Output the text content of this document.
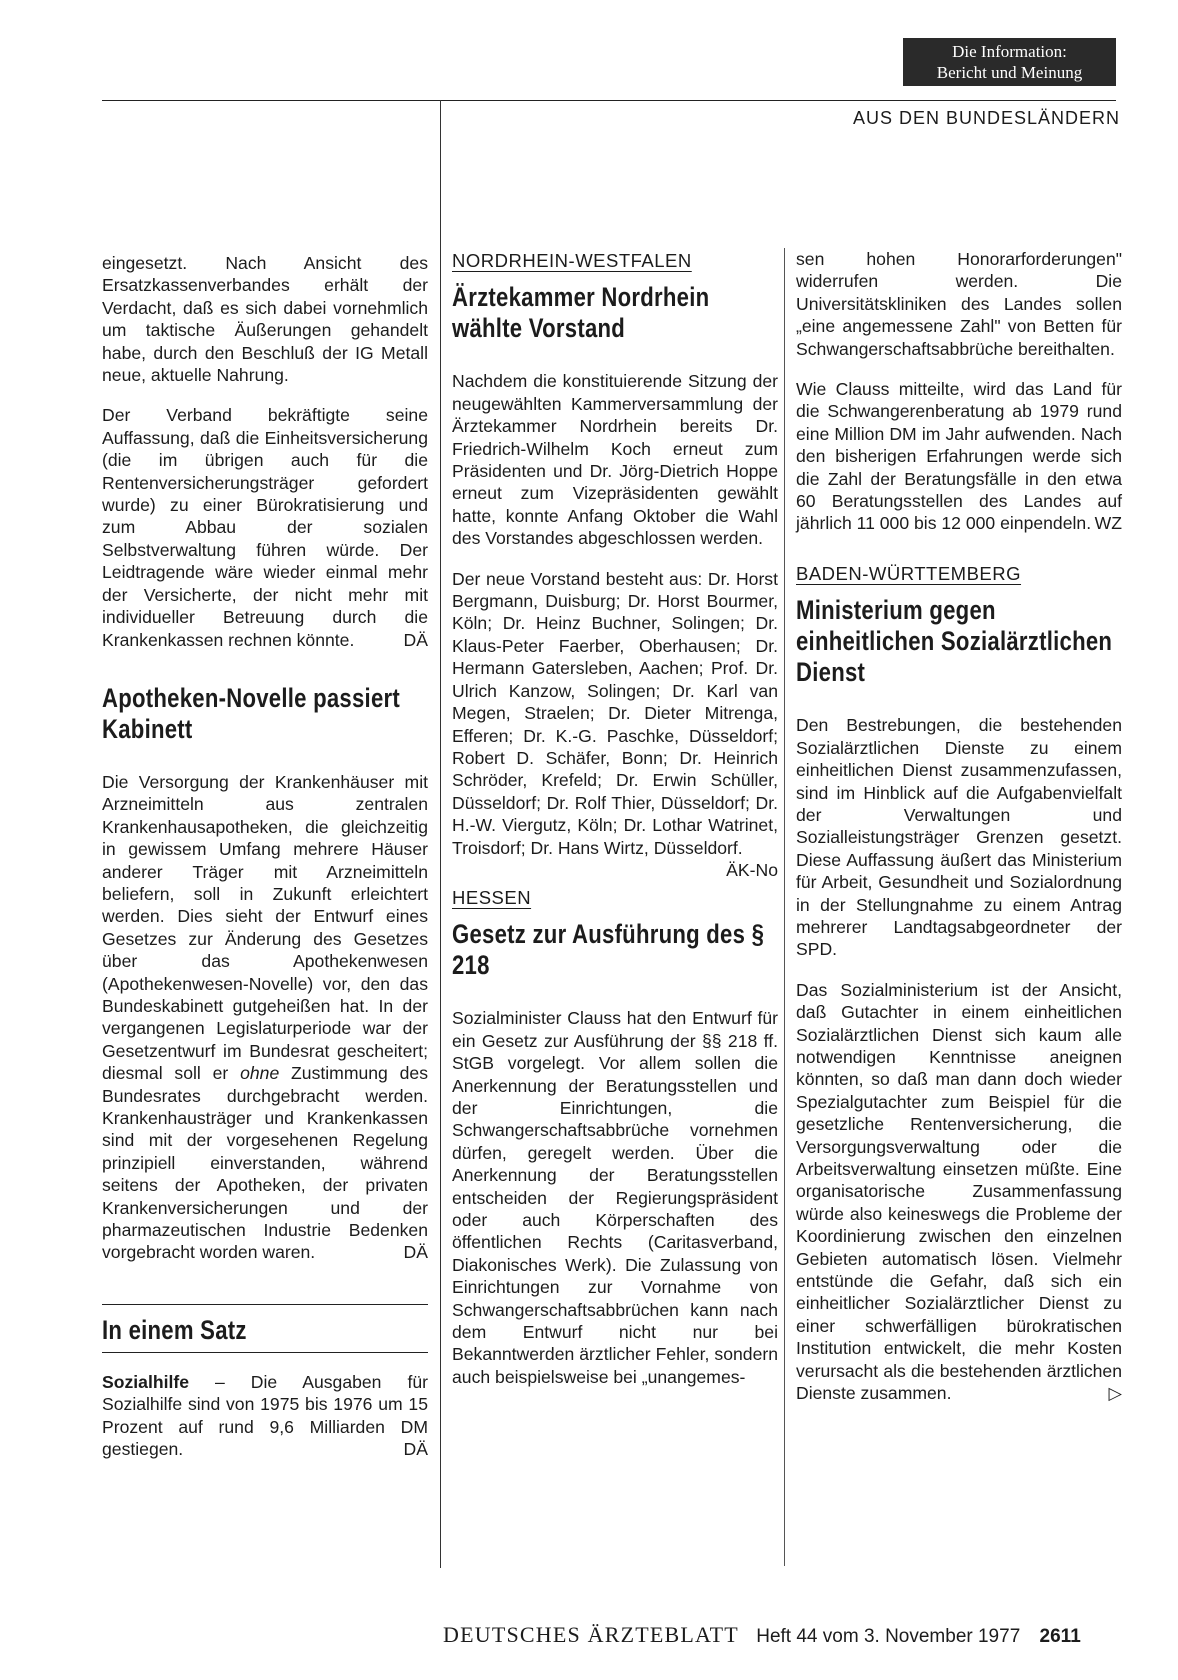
Die Information:
Bericht und Meinung
AUS DEN BUNDESLÄNDERN

eingesetzt. Nach Ansicht des Ersatzkassenverbandes erhält der Verdacht, daß es sich dabei vornehmlich um taktische Äußerungen gehandelt habe, durch den Beschluß der IG Metall neue, aktuelle Nahrung.

Der Verband bekräftigte seine Auffassung, daß die Einheitsversicherung (die im übrigen auch für die Rentenversicherungsträger gefordert wurde) zu einer Bürokratisierung und zum Abbau der sozialen Selbstverwaltung führen würde. Der Leidtragende wäre wieder einmal mehr der Versicherte, der nicht mehr mit individueller Betreuung durch die Krankenkassen rechnen könnte.	DÄ

Apotheken-Novelle passiert Kabinett

Die Versorgung der Krankenhäuser mit Arzneimitteln aus zentralen Krankenhausapotheken, die gleichzeitig in gewissem Umfang mehrere Häuser anderer Träger mit Arzneimitteln beliefern, soll in Zukunft erleichtert werden. Dies sieht der Entwurf eines Gesetzes zur Änderung des Gesetzes über das Apothekenwesen (Apothekenwesen-Novelle) vor, den das Bundeskabinett gutgeheißen hat. In der vergangenen Legislaturperiode war der Gesetzentwurf im Bundesrat gescheitert; diesmal soll er ohne Zustimmung des Bundesrates durchgebracht werden. Krankenhausträger und Krankenkassen sind mit der vorgesehenen Regelung prinzipiell einverstanden, während seitens der Apotheken, der privaten Krankenversicherungen und der pharmazeutischen Industrie Bedenken vorgebracht worden waren.	DÄ

In einem Satz

Sozialhilfe – Die Ausgaben für Sozialhilfe sind von 1975 bis 1976 um 15 Prozent auf rund 9,6 Milliarden DM gestiegen.	DÄ

NORDRHEIN-WESTFALEN
Ärztekammer Nordrhein wählte Vorstand

Nachdem die konstituierende Sitzung der neugewählten Kammerversammlung der Ärztekammer Nordrhein bereits Dr. Friedrich-Wilhelm Koch erneut zum Präsidenten und Dr. Jörg-Dietrich Hoppe erneut zum Vizepräsidenten gewählt hatte, konnte Anfang Oktober die Wahl des Vorstandes abgeschlossen werden.

Der neue Vorstand besteht aus: Dr. Horst Bergmann, Duisburg; Dr. Horst Bourmer, Köln; Dr. Heinz Buchner, Solingen; Dr. Klaus-Peter Faerber, Oberhausen; Dr. Hermann Gatersleben, Aachen; Prof. Dr. Ulrich Kanzow, Solingen; Dr. Karl van Megen, Straelen; Dr. Dieter Mitrenga, Efferen; Dr. K.-G. Paschke, Düsseldorf; Robert D. Schäfer, Bonn; Dr. Heinrich Schröder, Krefeld; Dr. Erwin Schüller, Düsseldorf; Dr. Rolf Thier, Düsseldorf; Dr. H.-W. Viergutz, Köln; Dr. Lothar Watrinet, Troisdorf; Dr. Hans Wirtz, Düsseldorf.
ÄK-No

HESSEN
Gesetz zur Ausführung des § 218

Sozialminister Clauss hat den Entwurf für ein Gesetz zur Ausführung der §§ 218 ff. StGB vorgelegt. Vor allem sollen die Anerkennung der Beratungsstellen und der Einrichtungen, die Schwangerschaftsabbrüche vornehmen dürfen, geregelt werden. Über die Anerkennung der Beratungsstellen entscheiden der Regierungspräsident oder auch Körperschaften des öffentlichen Rechts (Caritasverband, Diakonisches Werk). Die Zulassung von Einrichtungen zur Vornahme von Schwangerschaftsabbrüchen kann nach dem Entwurf nicht nur bei Bekanntwerden ärztlicher Fehler, sondern auch beispielsweise bei „unangemes-

sen hohen Honorarforderungen" widerrufen werden. Die Universitätskliniken des Landes sollen „eine angemessene Zahl" von Betten für Schwangerschaftsabbrüche bereithalten.

Wie Clauss mitteilte, wird das Land für die Schwangerenberatung ab 1979 rund eine Million DM im Jahr aufwenden. Nach den bisherigen Erfahrungen werde sich die Zahl der Beratungsfälle in den etwa 60 Beratungsstellen des Landes auf jährlich 11 000 bis 12 000 einpendeln. WZ

BADEN-WÜRTTEMBERG
Ministerium gegen einheitlichen Sozialärztlichen Dienst

Den Bestrebungen, die bestehenden Sozialärztlichen Dienste zu einem einheitlichen Dienst zusammenzufassen, sind im Hinblick auf die Aufgabenvielfalt der Verwaltungen und Sozialleistungsträger Grenzen gesetzt. Diese Auffassung äußert das Ministerium für Arbeit, Gesundheit und Sozialordnung in der Stellungnahme zu einem Antrag mehrerer Landtagsabgeordneter der SPD.

Das Sozialministerium ist der Ansicht, daß Gutachter in einem einheitlichen Sozialärztlichen Dienst sich kaum alle notwendigen Kenntnisse aneignen könnten, so daß man dann doch wieder Spezialgutachter zum Beispiel für die gesetzliche Rentenversicherung, die Versorgungsverwaltung oder die Arbeitsverwaltung einsetzen müßte. Eine organisatorische Zusammenfassung würde also keineswegs die Probleme der Koordinierung zwischen den einzelnen Gebieten automatisch lösen. Vielmehr entstünde die Gefahr, daß sich ein einheitlicher Sozialärztlicher Dienst zu einer schwerfälligen bürokratischen Institution entwickelt, die mehr Kosten verursacht als die bestehenden ärztlichen Dienste zusammen.	▷

DEUTSCHES ÄRZTEBLATT Heft 44 vom 3. November 1977 2611
